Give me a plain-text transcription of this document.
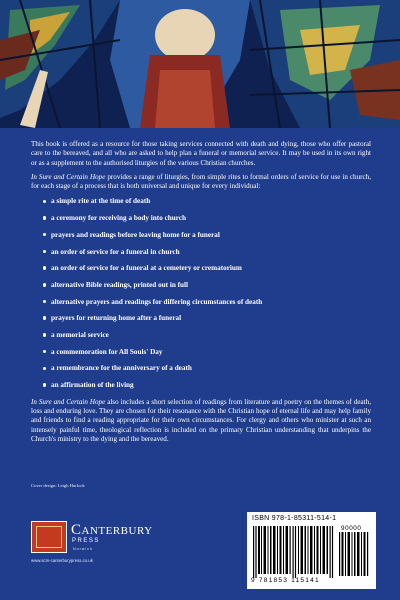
This book is offered as a resource for those taking services connected with death and dying, those who offer pastoral care to the bereaved, and all who are asked to help plan a funeral or memorial service. It may be used in its own right or as a supplement to the authorised liturgies of the various Christian churches.

In Sure and Certain Hope provides a range of liturgies, from simple rites to formal orders of service for use in church, for each stage of a process that is both universal and unique for every individual:

a simple rite at the time of death
a ceremony for receiving a body into church
prayers and readings before leaving home for a funeral
an order of service for a funeral in church
an order of service for a funeral at a cemetery or crematorium
alternative Bible readings, printed out in full
alternative prayers and readings for differing circumstances of death
prayers for returning home after a funeral
a memorial service
a commemoration for All Souls' Day
a remembrance for the anniversary of a death
an affirmation of the living

In Sure and Certain Hope also includes a short selection of readings from literature and poetry on the themes of death, loss and enduring love. They are chosen for their resonance with the Christian hope of eternal life and may help family and friends to find a reading appropriate for their own circumstances. For clergy and others who minister at such an intensely painful time, theological reflection is included on the primary Christian understanding that underpins the Church's ministry to the dying and the bereaved.

Cover design: Leigh Hurlock
Canterbury
PRESS
Norwich
www.scm-canterburypress.co.uk
ISBN 978-1-85311-514-1
90000
9 781853 115141
